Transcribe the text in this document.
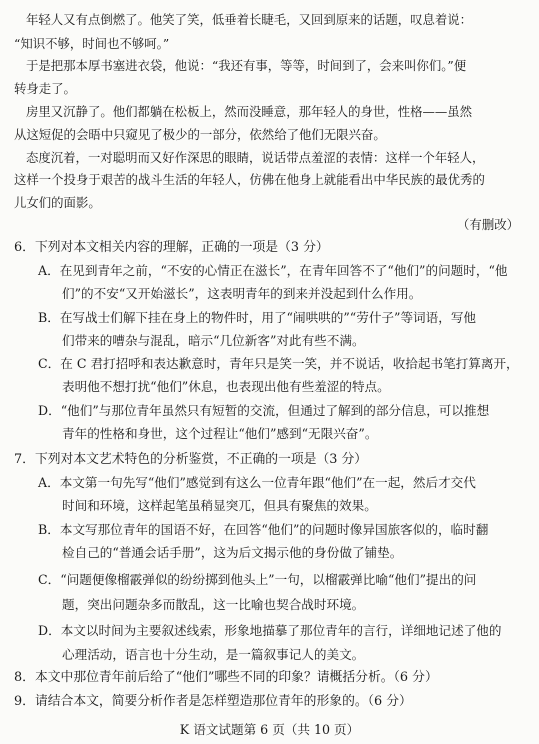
年轻人又有点倒燃了。他笑了笑，低垂着长睫毛，又回到原来的话题，叹息着说：
“知识不够，时间也不够呵。”
于是把那本厚书塞进衣袋，他说：“我还有事，等等，时间到了，会来叫你们。”便
转身走了。
房里又沉静了。他们都躺在松板上，然而没睡意，那年轻人的身世，性格——虽然
从这短促的会晤中只窥见了极少的一部分，依然给了他们无限兴奋。
态度沉着，一对聪明而又好作深思的眼睛，说话带点羞涩的表情：这样一个年轻人，
这样一个投身于艰苦的战斗生活的年轻人，仿佛在他身上就能看出中华民族的最优秀的
儿女们的面影。
（有删改）
6．下列对本文相关内容的理解，正确的一项是（3 分）
A．在见到青年之前，“不安的心情正在滋长”，在青年回答不了“他们”的问题时，“他
们”的不安“又开始滋长”，这表明青年的到来并没起到什么作用。
B．在写战士们解下挂在身上的物件时，用了“闹哄哄的”“劳什子”等词语，写他
们带来的嘈杂与混乱，暗示“几位新客”对此有些不满。
C．在 C 君打招呼和表达歉意时，青年只是笑一笑，并不说话，收拾起书笔打算离开，
表明他不想打扰“他们”休息，也表现出他有些羞涩的特点。
D．“他们”与那位青年虽然只有短暂的交流，但通过了解到的部分信息，可以推想
青年的性格和身世，这个过程让“他们”感到“无限兴奋”。
7．下列对本文艺术特色的分析鉴赏，不正确的一项是（3 分）
A．本文第一句先写“他们”感觉到有这么一位青年跟“他们”在一起，然后才交代
时间和环境，这样起笔虽稍显突兀，但具有聚焦的效果。
B．本文写那位青年的国语不好，在回答“他们”的问题时像异国旅客似的，临时翻
检自己的“普通会话手册”，这为后文揭示他的身份做了铺垫。
C．“问题便像榴霰弹似的纷纷掷到他头上”一句，以榴霰弹比喻“他们”提出的问
题，突出问题杂多而散乱，这一比喻也契合战时环境。
D．本文以时间为主要叙述线索，形象地描摹了那位青年的言行，详细地记述了他的
心理活动，语言也十分生动，是一篇叙事记人的美文。
8．本文中那位青年前后给了“他们”哪些不同的印象？请概括分析。（6 分）
9．请结合本文，简要分析作者是怎样塑造那位青年的形象的。（6 分）
K 语文试题第 6 页（共 10 页）
